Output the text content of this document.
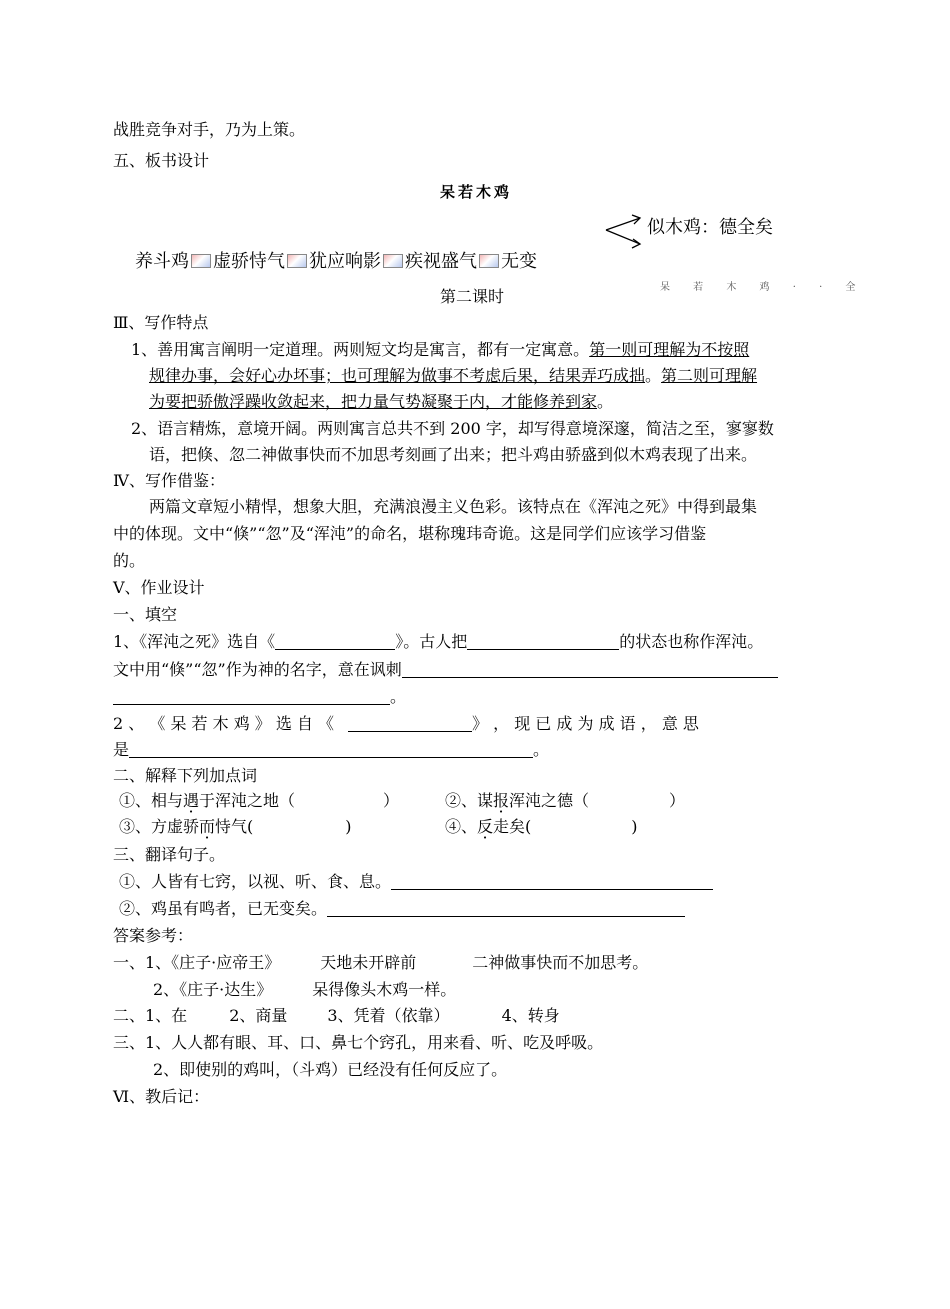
战胜竞争对手，乃为上策。
五、板书设计
呆若木鸡
似木鸡：德全矣
养斗鸡 虚骄恃气 犹应响影 疾视盛气 无变
呆 若 木 鸡 · · 全
第二课时
Ⅲ、写作特点
1、善用寓言阐明一定道理。两则短文均是寓言，都有一定寓意。第一则可理解为不按照
规律办事，会好心办坏事；也可理解为做事不考虑后果，结果弄巧成拙。第二则可理解
为要把骄傲浮躁收敛起来，把力量气势凝聚于内，才能修养到家。
2、语言精炼，意境开阔。两则寓言总共不到 200 字，却写得意境深邃，简洁之至，寥寥数
语，把倏、忽二神做事快而不加思考刻画了出来；把斗鸡由骄盛到似木鸡表现了出来。
Ⅳ、写作借鉴：
两篇文章短小精悍，想象大胆，充满浪漫主义色彩。该特点在《浑沌之死》中得到最集
中的体现。文中“倏”“忽”及“浑沌”的命名，堪称瑰玮奇诡。这是同学们应该学习借鉴
的。
Ⅴ、作业设计
一、填空
1、《浑沌之死》选自《	》。古人把	的状态也称作浑沌。
文中用“倏”“忽”作为神的名字，意在讽刺
。
2 、 《 呆 若 木 鸡 》 选 自 《	》 ， 现 已 成 为 成 语 ， 意 思
是	。
二、解释下列加点词
①、相与遇于浑沌之地（	）	②、谋报浑沌之德（	）
③、方虚骄而恃气(	)	④、反走矣(	)
三、翻译句子。
①、人皆有七窍，以视、听、食、息。
②、鸡虽有鸣者，已无变矣。
答案参考：
一、1、《庄子·应帝王》	天地未开辟前	二神做事快而不加思考。
2、《庄子·达生》	呆得像头木鸡一样。
二、1、在	2、商量	3、凭着（依靠）	4、转身
三、1、人人都有眼、耳、口、鼻七个窍孔，用来看、听、吃及呼吸。
2、即使别的鸡叫，（斗鸡）已经没有任何反应了。
Ⅵ、教后记：
